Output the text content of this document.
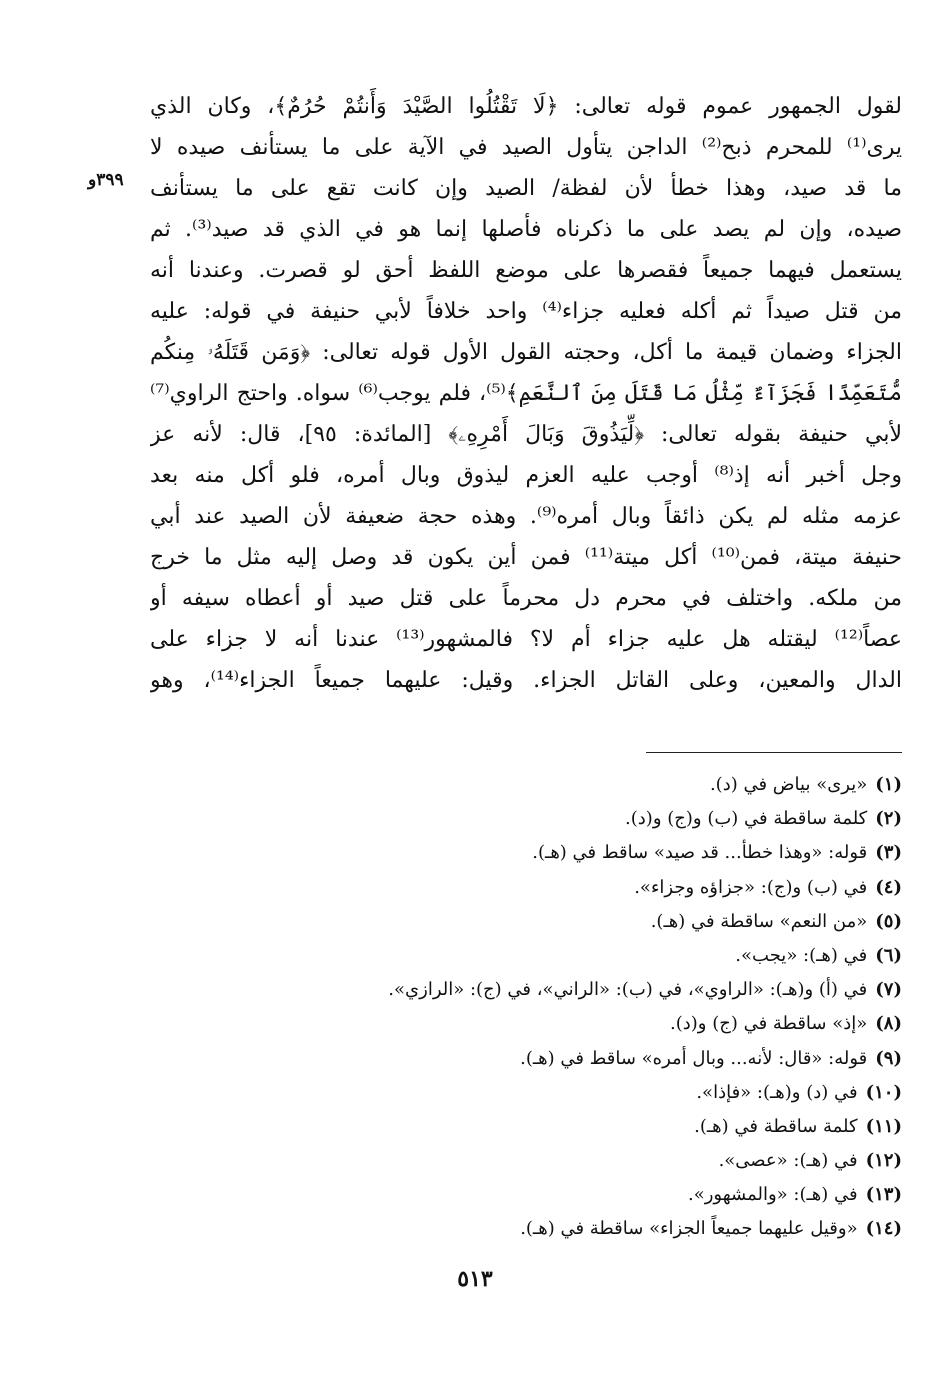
٣٩٩و
لقول الجمهور عموم قوله تعالى: ﴿لَا تَقْتُلُوا الصَّيْدَ وَأَنتُمْ حُرُمٌ﴾، وكان الذي
يرى⁽¹⁾ للمحرم ذبح⁽²⁾ الداجن يتأول الصيد في الآية على ما يستأنف صيده لا
ما قد صيد، وهذا خطأ لأن لفظة/ الصيد وإن كانت تقع على ما يستأنف
صيده، وإن لم يصد على ما ذكرناه فأصلها إنما هو في الذي قد صيد⁽³⁾. ثم
يستعمل فيهما جميعاً فقصرها على موضع اللفظ أحق لو قصرت. وعندنا أنه
من قتل صيداً ثم أكله فعليه جزاء⁽⁴⁾ واحد خلافاً لأبي حنيفة في قوله: عليه
الجزاء وضمان قيمة ما أكل، وحجته القول الأول قوله تعالى: ﴿وَمَن قَتَلَهُۥ مِنكُم
مُّتَعَمِّدًا فَجَزَآءٌ مِّثْلُ مَا قَتَلَ مِنَ ٱلنَّعَمِ﴾⁽⁵⁾، فلم يوجب⁽⁶⁾ سواه. واحتج الراوي⁽⁷⁾
لأبي حنيفة بقوله تعالى: ﴿لِّيَذُوقَ وَبَالَ أَمْرِهِۦ﴾ [المائدة: ٩٥]، قال: لأنه عز
وجل أخبر أنه إذ⁽⁸⁾ أوجب عليه العزم ليذوق وبال أمره، فلو أكل منه بعد
عزمه مثله لم يكن ذائقاً وبال أمره⁽⁹⁾. وهذه حجة ضعيفة لأن الصيد عند أبي
حنيفة ميتة، فمن⁽¹⁰⁾ أكل ميتة⁽¹¹⁾ فمن أين يكون قد وصل إليه مثل ما خرج
من ملكه. واختلف في محرم دل محرماً على قتل صيد أو أعطاه سيفه أو
عصاً⁽¹²⁾ ليقتله هل عليه جزاء أم لا؟ فالمشهور⁽¹³⁾ عندنا أنه لا جزاء على
الدال والمعين، وعلى القاتل الجزاء. وقيل: عليهما جميعاً الجزاء⁽¹⁴⁾، وهو
(١)«يرى» بياض في (د).
(٢)كلمة ساقطة في (ب) و(ج) و(د).
(٣)قوله: «وهذا خطأ... قد صيد» ساقط في (هـ).
(٤)في (ب) و(ج): «جزاؤه وجزاء».
(٥)«من النعم» ساقطة في (هـ).
(٦)في (هـ): «يجب».
(٧)في (أ) و(هـ): «الراوي»، في (ب): «الراني»، في (ج): «الرازي».
(٨)«إذ» ساقطة في (ج) و(د).
(٩)قوله: «قال: لأنه... وبال أمره» ساقط في (هـ).
(١٠)في (د) و(هـ): «فإذا».
(١١)كلمة ساقطة في (هـ).
(١٢)في (هـ): «عصى».
(١٣)في (هـ): «والمشهور».
(١٤)«وقيل عليهما جميعاً الجزاء» ساقطة في (هـ).
٥١٣
